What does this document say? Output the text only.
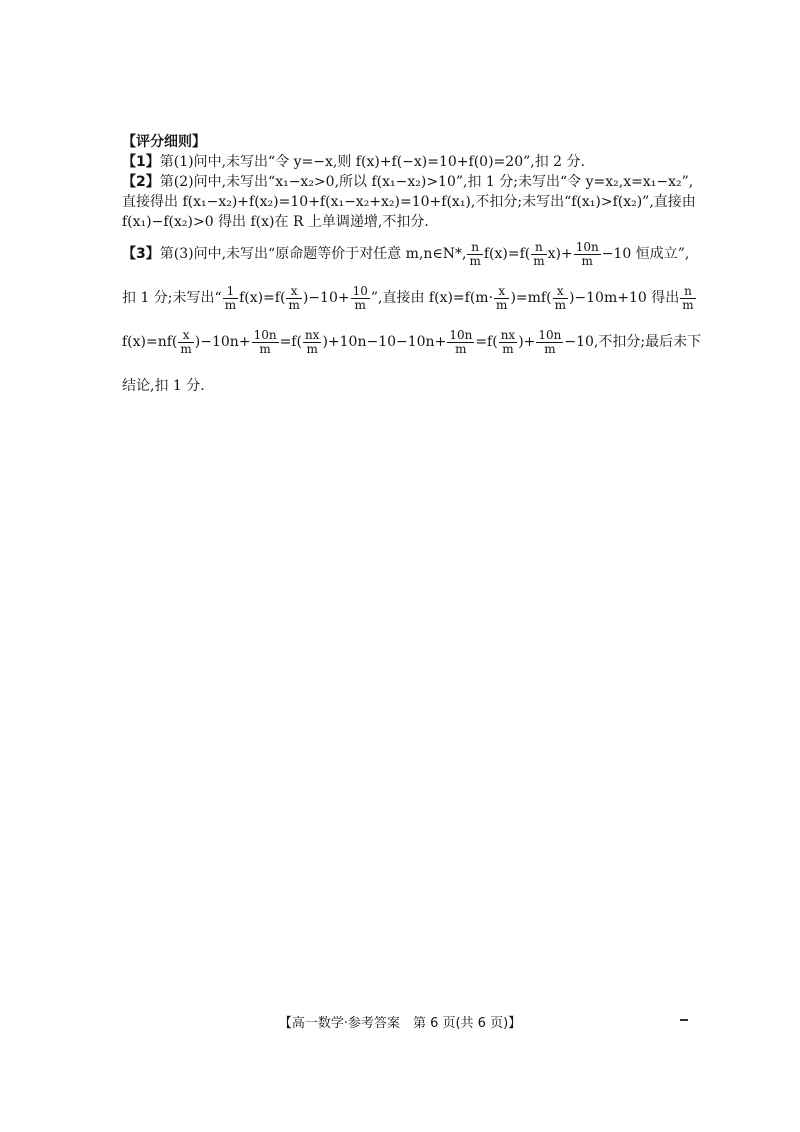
【评分细则】
【1】第(1)问中,未写出“令 y=−x,则 f(x)+f(−x)=10+f(0)=20”,扣 2 分.
【2】第(2)问中,未写出“x₁−x₂>0,所以 f(x₁−x₂)>10”,扣 1 分;未写出“令 y=x₂,x=x₁−x₂”,直接得出 f(x₁−x₂)+f(x₂)=10+f(x₁−x₂+x₂)=10+f(x₁),不扣分;未写出“f(x₁)>f(x₂)”,直接由 f(x₁)−f(x₂)>0 得出 f(x)在 R 上单调递增,不扣分.
【3】第(3)问中,未写出“原命题等价于对任意 m,n∈N*, $\frac{n}{m} f(x)=f( \frac{n}{m} x)+ \frac{10n}{m} -10$ 恒成立”,扣 1 分;未写出“ $\frac{1}{m} f(x)=f( \frac{x}{m} )-10+ \frac{10}{m}$ ”,直接由 $f(x)=f(m\cdot \frac{x}{m} )=mf( \frac{x}{m} )-10m+10$ 得出 $\frac{n}{m}$
$f(x)=nf( \frac{x}{m} )-10n+ \frac{10n}{m} =f( \frac{nx}{m} )+10n-10-10n+ \frac{10n}{m} =f( \frac{nx}{m}$ )+ $\frac{10n}{m} -10$,不扣分;最后未下结论,扣 1 分.
【高一数学·参考答案　第 6 页(共 6 页)】
